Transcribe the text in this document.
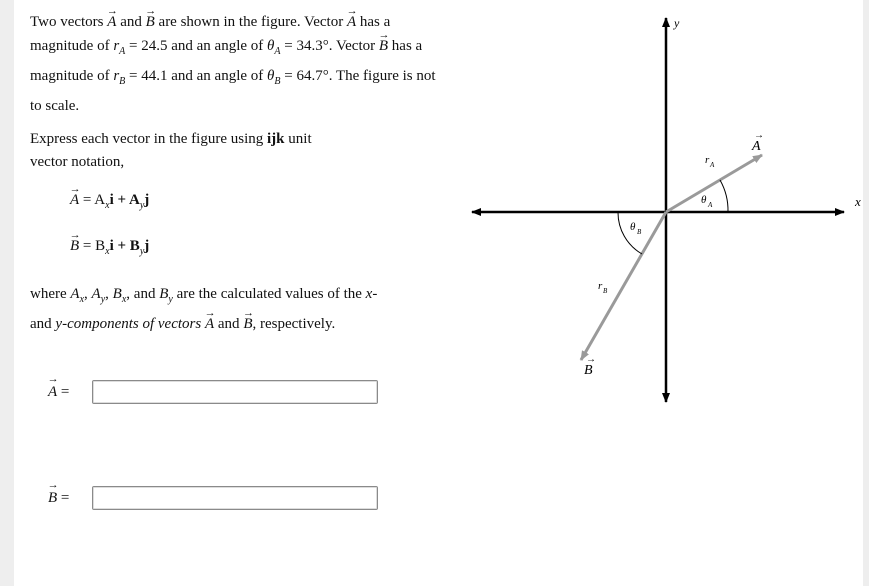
Two vectors → A and → B are shown in the figure. Vector → A has a magnitude of $r_A = 24.5$ and an angle of $\theta_A = 34.3^\circ$. Vector → B has a magnitude of $r_B = 44.1$ and an angle of $\theta_B = 64.7^\circ$. The figure is not to scale.

Express each vector in the figure using ijk unit
vector notation,

→ $A = A_xi + A_yj$

→ $B = B_xi + B_yj$

where $A_x$, $A_y$, $B_x$, and $B_y$ are the calculated values of the x-
and y-components of vectors → A and → B, respectively.

→ A =
→ B =
x
y
A
→
B
→
r A
r B
θ A
θ B
